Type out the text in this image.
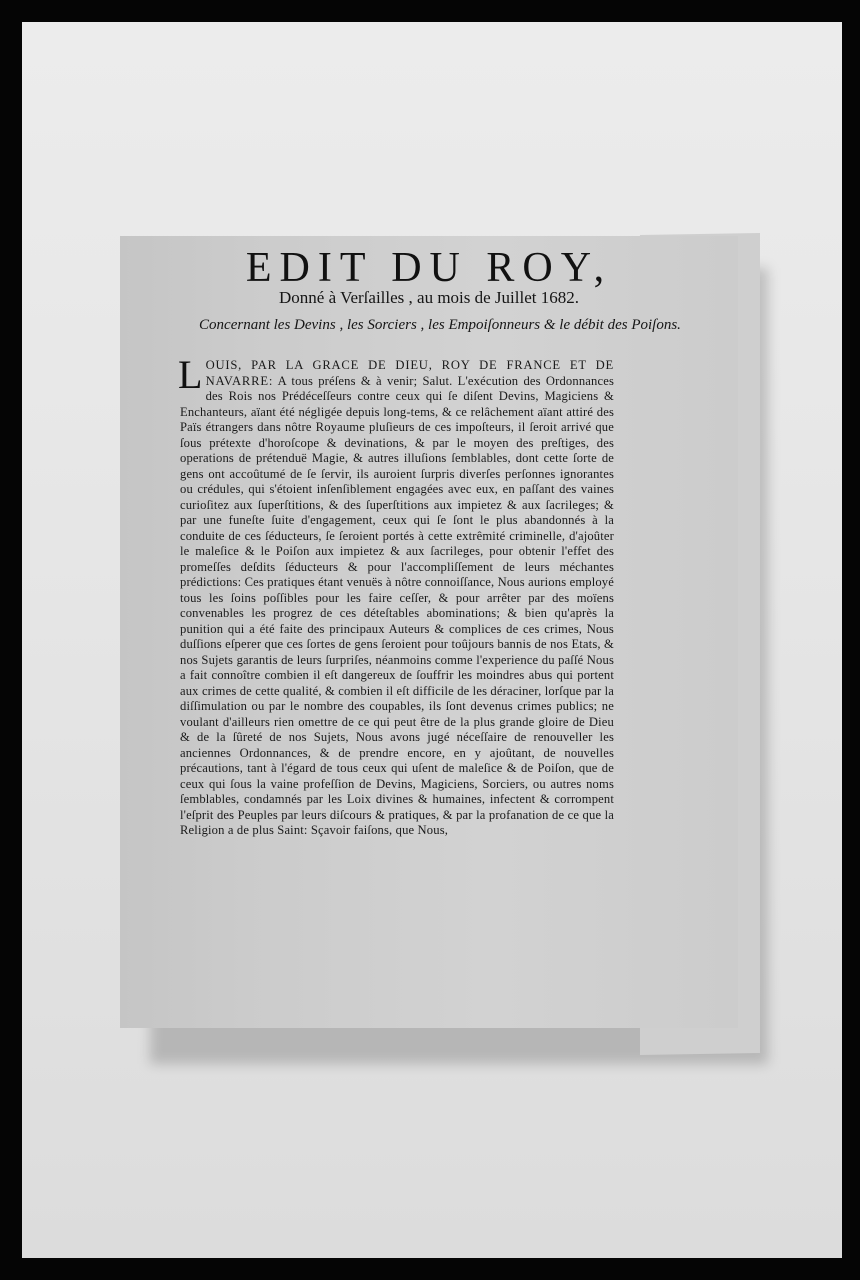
EDIT DU ROY,
Donné à Verſailles , au mois de Juillet 1682.
Concernant les Devins , les Sorciers , les Empoiſonneurs & le débit des Poiſons.
L OUIS, PAR LA GRACE DE DIEU, ROY DE FRANCE ET DE NAVARRE: A tous préſens & à venir; Salut. L'exécution des Ordonnances des Rois nos Prédéceſſeurs contre ceux qui ſe diſent Devins, Magiciens & Enchanteurs, aïant été négligée depuis long-tems, & ce relâchement aïant attiré des Païs étrangers dans nôtre Royaume pluſieurs de ces impoſteurs, il ſeroit arrivé que ſous prétexte d'horoſcope & devinations, & par le moyen des preſtiges, des operations de prétenduë Magie, & autres illuſions ſemblables, dont cette ſorte de gens ont accoûtumé de ſe ſervir, ils auroient ſurpris diverſes perſonnes ignorantes ou crédules, qui s'étoient inſenſiblement engagées avec eux, en paſſant des vaines curioſitez aux ſuperſtitions, & des ſuperſtitions aux impietez & aux ſacrileges; & par une funeſte ſuite d'engagement, ceux qui ſe ſont le plus abandonnés à la conduite de ces ſéducteurs, ſe ſeroient portés à cette extrêmité criminelle, d'ajoûter le maleſice & le Poiſon aux impietez & aux ſacrileges, pour obtenir l'effet des promeſſes deſdits ſéducteurs & pour l'accompliſſement de leurs méchantes prédictions: Ces pratiques étant venuës à nôtre connoiſſance, Nous aurions employé tous les ſoins poſſibles pour les faire ceſſer, & pour arrêter par des moïens convenables les progrez de ces déteſtables abominations; & bien qu'après la punition qui a été faite des principaux Auteurs & complices de ces crimes, Nous duſſions eſperer que ces ſortes de gens ſeroient pour toûjours bannis de nos Etats, & nos Sujets garantis de leurs ſurpriſes, néanmoins comme l'experience du paſſé Nous a fait connoître combien il eſt dangereux de ſouffrir les moindres abus qui portent aux crimes de cette qualité, & combien il eſt difficile de les déraciner, lorſque par la diſſimulation ou par le nombre des coupables, ils ſont devenus crimes publics; ne voulant d'ailleurs rien omettre de ce qui peut être de la plus grande gloire de Dieu & de la ſûreté de nos Sujets, Nous avons jugé néceſſaire de renouveller les anciennes Ordonnances, & de prendre encore, en y ajoûtant, de nouvelles précautions, tant à l'égard de tous ceux qui uſent de maleſice & de Poiſon, que de ceux qui ſous la vaine profeſſion de Devins, Magiciens, Sorciers, ou autres noms ſemblables, condamnés par les Loix divines & humaines, infectent & corrompent l'eſprit des Peuples par leurs diſcours & pratiques, & par la profanation de ce que la Religion a de plus Saint: Sçavoir faiſons, que Nous,
